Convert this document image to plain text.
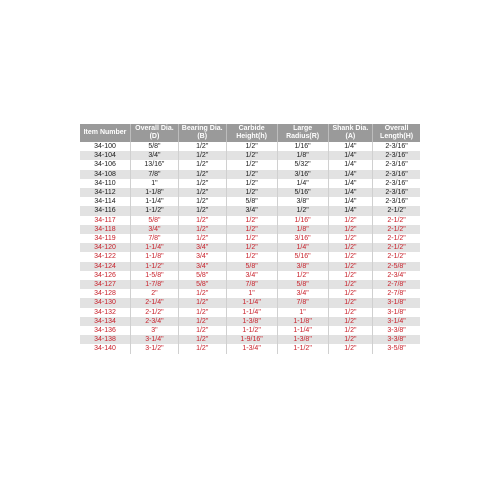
Item Number	Overall Dia.(D)	Bearing Dia.(B)	Carbide Height(h)	Large Radius(R)	Shank Dia.(A)	Overall Length(H)
34-100	5/8"	1/2"	1/2"	1/16"	1/4"	2-3/16"
34-104	3/4"	1/2"	1/2"	1/8"	1/4"	2-3/16"
34-106	13/16"	1/2"	1/2"	5/32"	1/4"	2-3/16"
34-108	7/8"	1/2"	1/2"	3/16"	1/4"	2-3/16"
34-110	1"	1/2"	1/2"	1/4"	1/4"	2-3/16"
34-112	1-1/8"	1/2"	1/2"	5/16"	1/4"	2-3/16"
34-114	1-1/4"	1/2"	5/8"	3/8"	1/4"	2-3/16"
34-116	1-1/2"	1/2"	3/4"	1/2"	1/4"	2-1/2"
34-117	5/8"	1/2"	1/2"	1/16"	1/2"	2-1/2"
34-118	3/4"	1/2"	1/2"	1/8"	1/2"	2-1/2"
34-119	7/8"	1/2"	1/2"	3/16"	1/2"	2-1/2"
34-120	1-1/4"	3/4"	1/2"	1/4"	1/2"	2-1/2"
34-122	1-1/8"	3/4"	1/2"	5/16"	1/2"	2-1/2"
34-124	1-1/2"	3/4"	5/8"	3/8"	1/2"	2-5/8"
34-126	1-5/8"	5/8"	3/4"	1/2"	1/2"	2-3/4"
34-127	1-7/8"	5/8"	7/8"	5/8"	1/2"	2-7/8"
34-128	2"	1/2"	1"	3/4"	1/2"	2-7/8"
34-130	2-1/4"	1/2"	1-1/4"	7/8"	1/2"	3-1/8"
34-132	2-1/2"	1/2"	1-1/4"	1"	1/2"	3-1/8"
34-134	2-3/4"	1/2"	1-3/8"	1-1/8"	1/2"	3-1/4"
34-136	3"	1/2"	1-1/2"	1-1/4"	1/2"	3-3/8"
34-138	3-1/4"	1/2"	1-9/16"	1-3/8"	1/2"	3-3/8"
34-140	3-1/2"	1/2"	1-3/4"	1-1/2"	1/2"	3-5/8"
